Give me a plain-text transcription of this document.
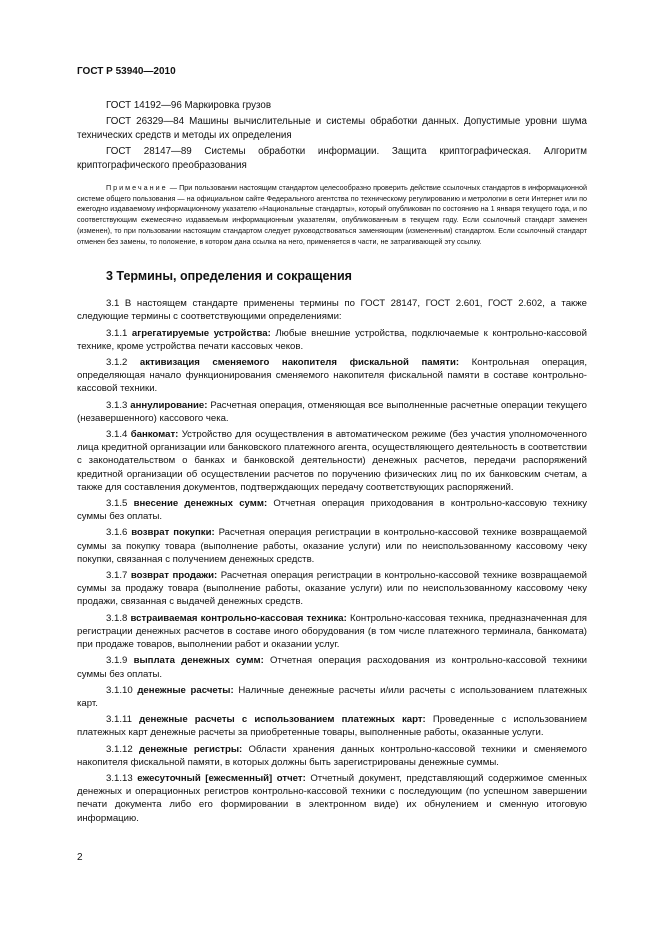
ГОСТ Р 53940—2010

ГОСТ 14192—96 Маркировка грузов

ГОСТ 26329—84 Машины вычислительные и системы обработки данных. Допустимые уровни шума технических средств и методы их определения

ГОСТ 28147—89 Системы обработки информации. Защита криптографическая. Алгоритм криптографического преобразования

Примечание — При пользовании настоящим стандартом целесообразно проверить действие ссылочных стандартов в информационной системе общего пользования — на официальном сайте Федерального агентства по техническому регулированию и метрологии в сети Интернет или по ежегодно издаваемому информационному указателю «Национальные стандарты», который опубликован по состоянию на 1 января текущего года, и по соответствующим ежемесячно издаваемым информационным указателям, опубликованным в текущем году. Если ссылочный стандарт заменен (изменен), то при пользовании настоящим стандартом следует руководствоваться заменяющим (измененным) стандартом. Если ссылочный стандарт отменен без замены, то положение, в котором дана ссылка на него, применяется в части, не затрагивающей эту ссылку.

3 Термины, определения и сокращения

3.1 В настоящем стандарте применены термины по ГОСТ 28147, ГОСТ 2.601, ГОСТ 2.602, а также следующие термины с соответствующими определениями:

3.1.1 агрегатируемые устройства: Любые внешние устройства, подключаемые к контрольно-кассовой технике, кроме устройства печати кассовых чеков.

3.1.2 активизация сменяемого накопителя фискальной памяти: Контрольная операция, определяющая начало функционирования сменяемого накопителя фискальной памяти в составе контрольно-кассовой техники.

3.1.3 аннулирование: Расчетная операция, отменяющая все выполненные расчетные операции текущего (незавершенного) кассового чека.

3.1.4 банкомат: Устройство для осуществления в автоматическом режиме (без участия уполномоченного лица кредитной организации или банковского платежного агента, осуществляющего деятельность в соответствии с законодательством о банках и банковской деятельности) денежных расчетов, передачи распоряжений кредитной организации об осуществлении расчетов по поручению физических лиц по их банковским счетам, а также для составления документов, подтверждающих передачу соответствующих распоряжений.

3.1.5 внесение денежных сумм: Отчетная операция приходования в контрольно-кассовую технику суммы без оплаты.

3.1.6 возврат покупки: Расчетная операция регистрации в контрольно-кассовой технике возвращаемой суммы за покупку товара (выполнение работы, оказание услуги) или по неиспользованному кассовому чеку покупки, связанная с получением денежных средств.

3.1.7 возврат продажи: Расчетная операция регистрации в контрольно-кассовой технике возвращаемой суммы за продажу товара (выполнение работы, оказание услуги) или по неиспользованному кассовому чеку продажи, связанная с выдачей денежных средств.

3.1.8 встраиваемая контрольно-кассовая техника: Контрольно-кассовая техника, предназначенная для регистрации денежных расчетов в составе иного оборудования (в том числе платежного терминала, банкомата) при продаже товаров, выполнении работ и оказании услуг.

3.1.9 выплата денежных сумм: Отчетная операция расходования из контрольно-кассовой техники суммы без оплаты.

3.1.10 денежные расчеты: Наличные денежные расчеты и/или расчеты с использованием платежных карт.

3.1.11 денежные расчеты с использованием платежных карт: Проведенные с использованием платежных карт денежные расчеты за приобретенные товары, выполненные работы, оказанные услуги.

3.1.12 денежные регистры: Области хранения данных контрольно-кассовой техники и сменяемого накопителя фискальной памяти, в которых должны быть зарегистрированы денежные суммы.

3.1.13 ежесуточный [ежесменный] отчет: Отчетный документ, представляющий содержимое сменных денежных и операционных регистров контрольно-кассовой техники с последующим (по успешном завершении печати документа либо его формировании в электронном виде) их обнулением и сменную итоговую информацию.

2
